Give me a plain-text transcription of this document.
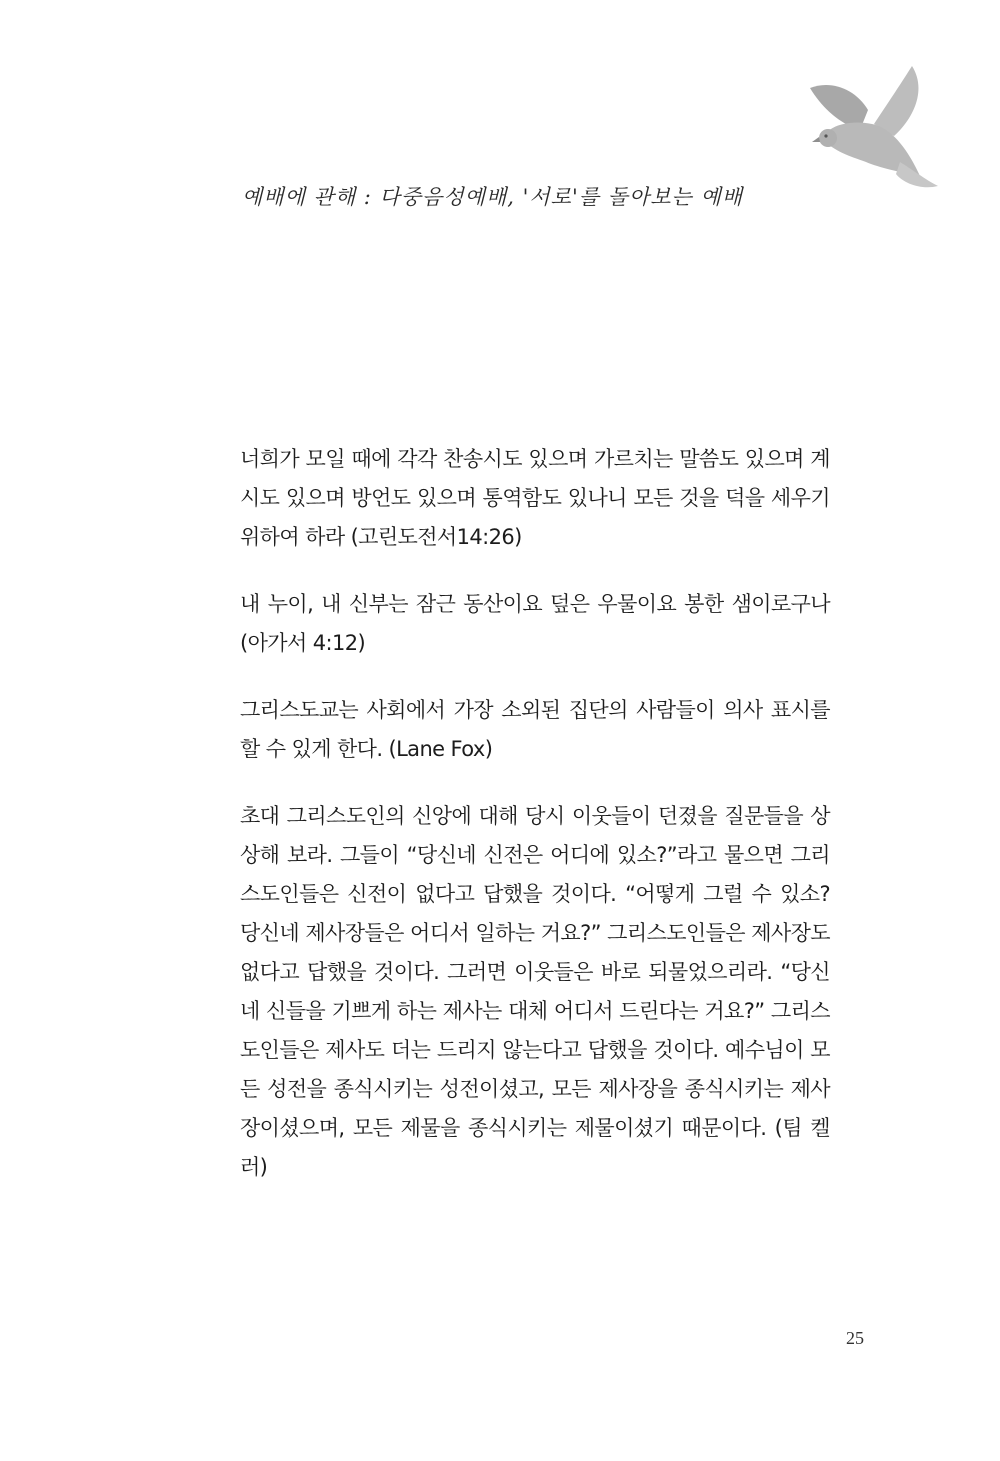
예배에 관해 : 다중음성예배, '서로'를 돌아보는 예배

너희가 모일 때에 각각 찬송시도 있으며 가르치는 말씀도 있으며 계시도 있으며 방언도 있으며 통역함도 있나니 모든 것을 덕을 세우기 위하여 하라 (고린도전서14:26)

내 누이, 내 신부는 잠근 동산이요 덮은 우물이요 봉한 샘이로구나 (아가서 4:12)

그리스도교는 사회에서 가장 소외된 집단의 사람들이 의사 표시를 할 수 있게 한다. (Lane Fox)

초대 그리스도인의 신앙에 대해 당시 이웃들이 던졌을 질문들을 상상해 보라. 그들이 “당신네 신전은 어디에 있소?”라고 물으면 그리스도인들은 신전이 없다고 답했을 것이다. “어떻게 그럴 수 있소? 당신네 제사장들은 어디서 일하는 거요?” 그리스도인들은 제사장도 없다고 답했을 것이다. 그러면 이웃들은 바로 되물었으리라. “당신네 신들을 기쁘게 하는 제사는 대체 어디서 드린다는 거요?” 그리스도인들은 제사도 더는 드리지 않는다고 답했을 것이다. 예수님이 모든 성전을 종식시키는 성전이셨고, 모든 제사장을 종식시키는 제사장이셨으며, 모든 제물을 종식시키는 제물이셨기 때문이다. (팀 켈러)

25
